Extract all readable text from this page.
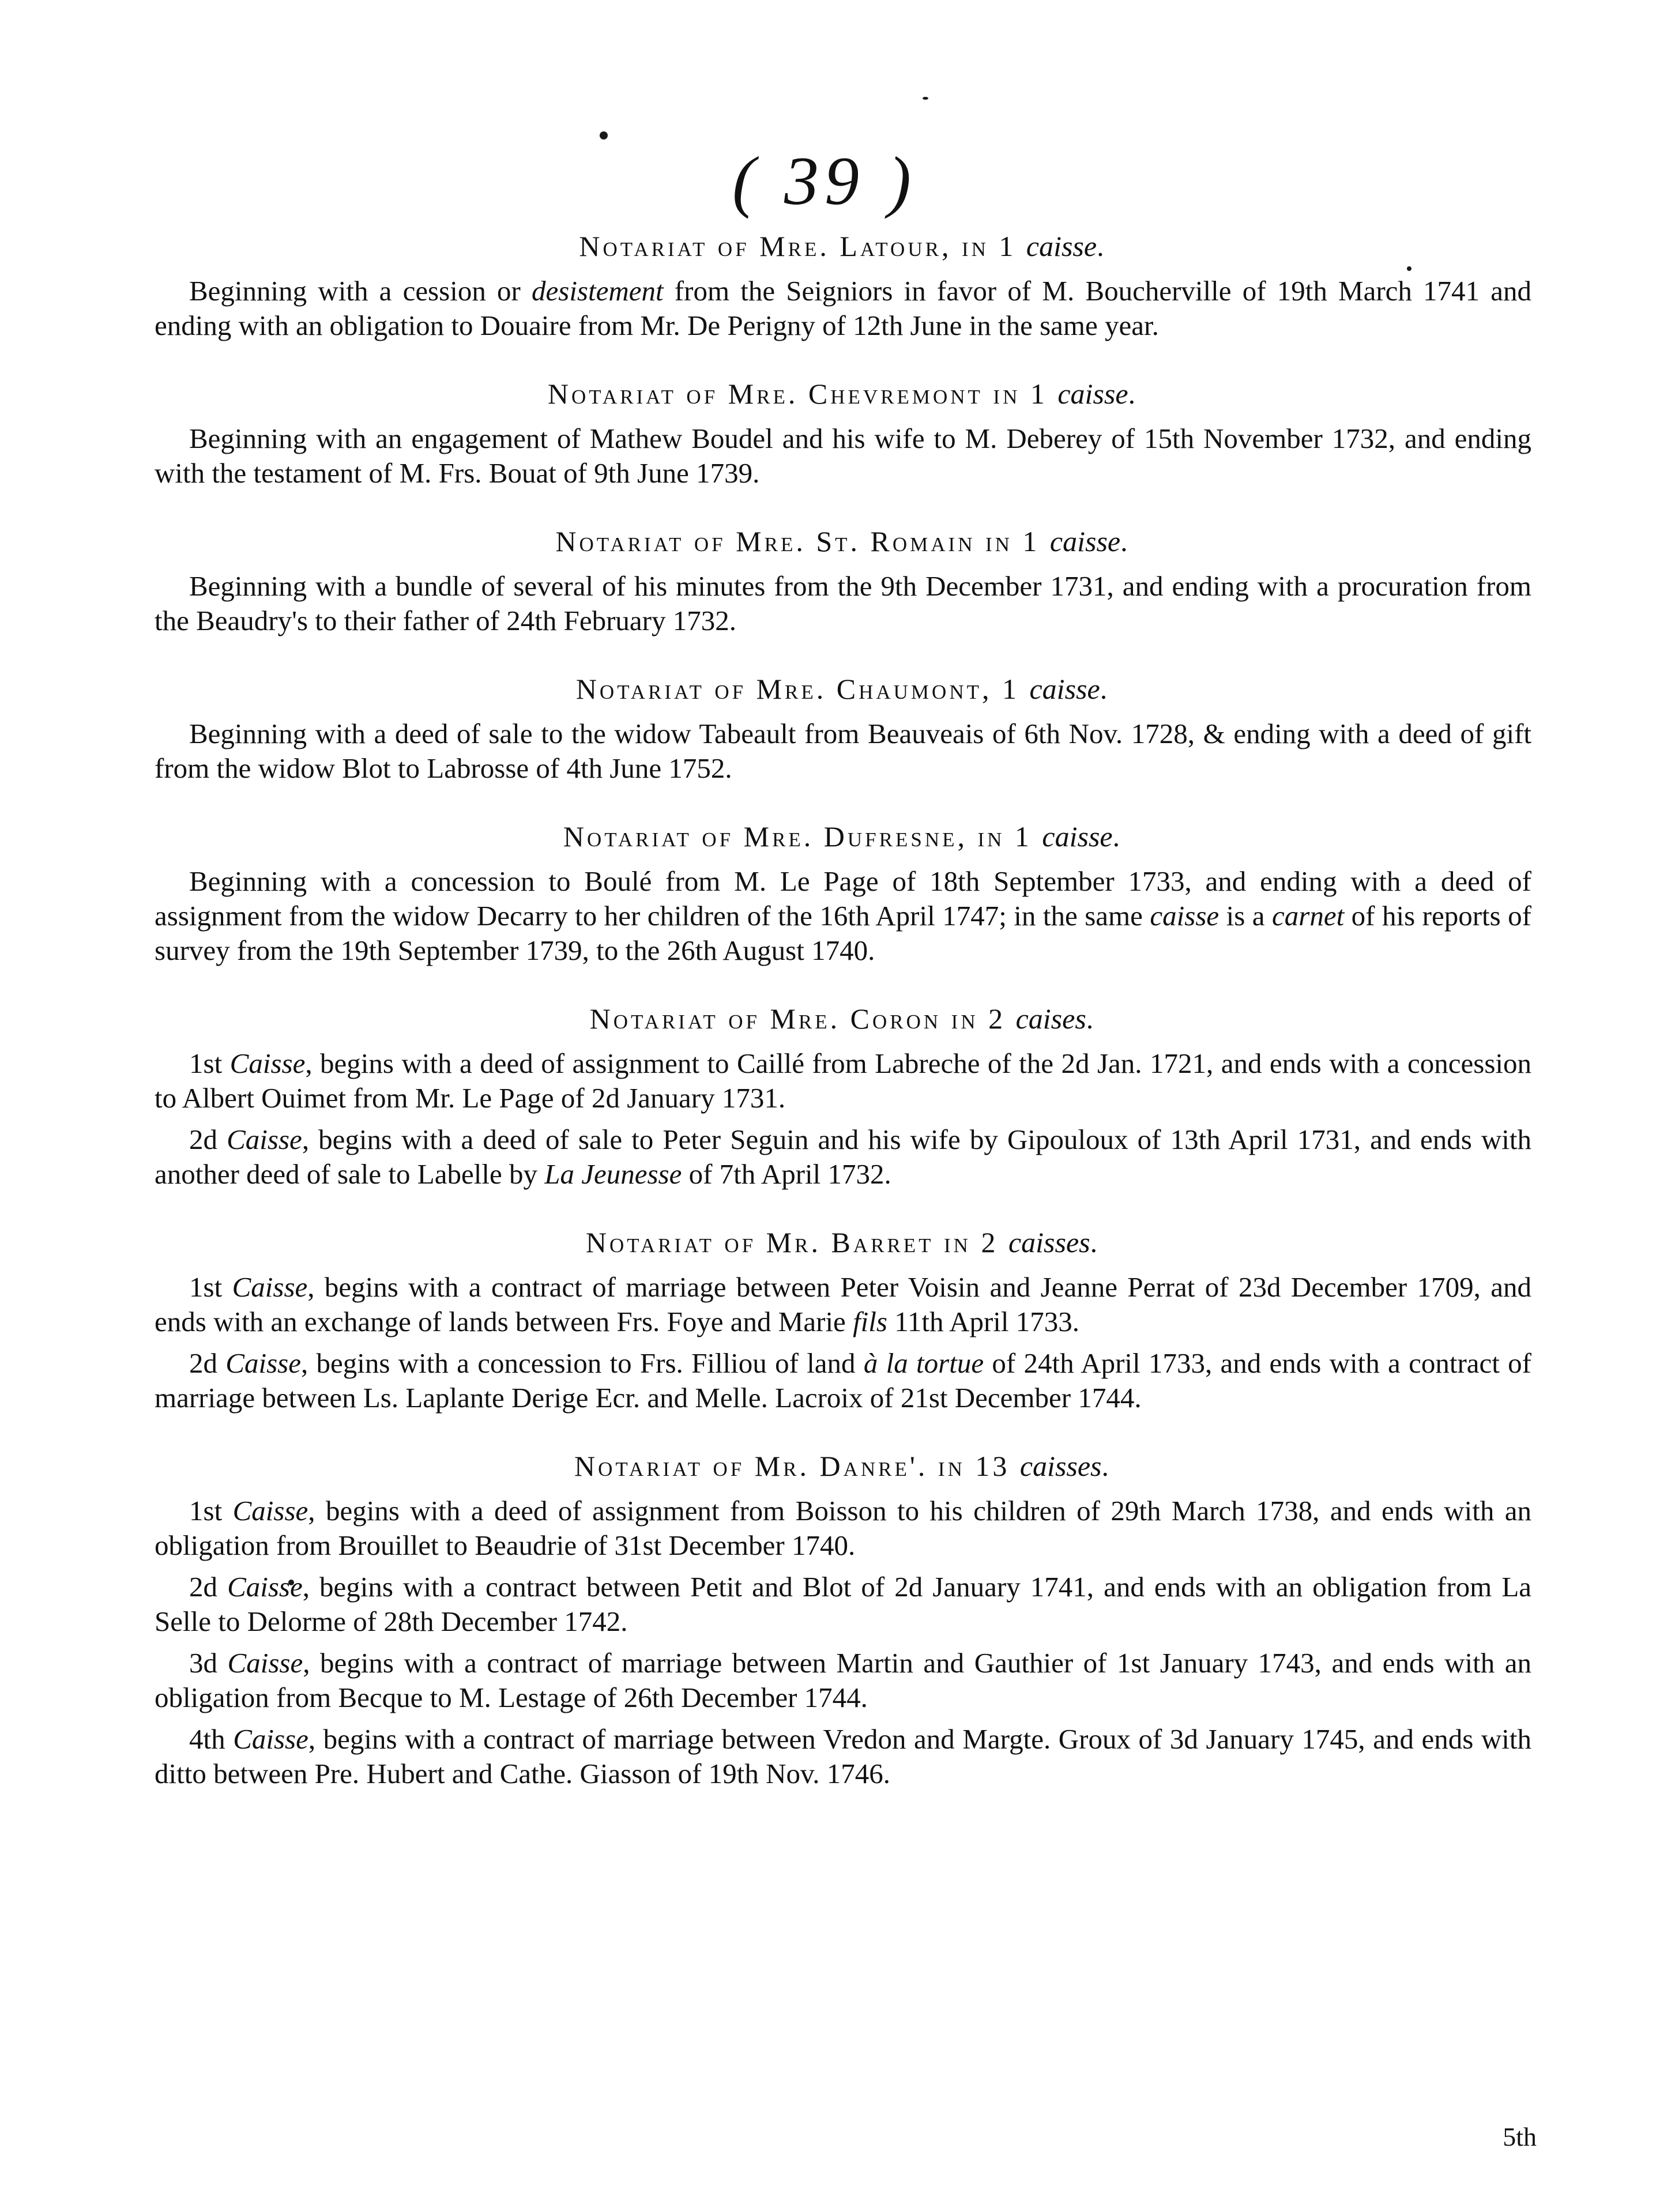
( 39 )
Notariat of Mre. Latour, in 1 caisse.

Beginning with a cession or desistement from the Seigniors in favor of M. Boucherville of 19th March 1741 and ending with an obligation to Douaire from Mr. De Perigny of 12th June in the same year.

Notariat of Mre. Chevremont in 1 caisse.

Beginning with an engagement of Mathew Boudel and his wife to M. Deberey of 15th November 1732, and ending with the testament of M. Frs. Bouat of 9th June 1739.

Notariat of Mre. St. Romain in 1 caisse.

Beginning with a bundle of several of his minutes from the 9th December 1731, and ending with a procuration from the Beaudry's to their father of 24th February 1732.

Notariat of Mre. Chaumont, 1 caisse.

Beginning with a deed of sale to the widow Tabeault from Beauveais of 6th Nov. 1728, & ending with a deed of gift from the widow Blot to Labrosse of 4th June 1752.

Notariat of Mre. Dufresne, in 1 caisse.

Beginning with a concession to Boulé from M. Le Page of 18th September 1733, and ending with a deed of assignment from the widow Decarry to her children of the 16th April 1747; in the same caisse is a carnet of his reports of survey from the 19th September 1739, to the 26th August 1740.

Notariat of Mre. Coron in 2 caises.

1st Caisse, begins with a deed of assignment to Caillé from Labreche of the 2d Jan. 1721, and ends with a concession to Albert Ouimet from Mr. Le Page of 2d January 1731.

2d Caisse, begins with a deed of sale to Peter Seguin and his wife by Gipouloux of 13th April 1731, and ends with another deed of sale to Labelle by La Jeunesse of 7th April 1732.

Notariat of Mr. Barret in 2 caisses.

1st Caisse, begins with a contract of marriage between Peter Voisin and Jeanne Perrat of 23d December 1709, and ends with an exchange of lands between Frs. Foye and Marie fils 11th April 1733.

2d Caisse, begins with a concession to Frs. Filliou of land à la tortue of 24th April 1733, and ends with a contract of marriage between Ls. Laplante Derige Ecr. and Melle. Lacroix of 21st December 1744.

Notariat of Mr. Danre'. in 13 caisses.

1st Caisse, begins with a deed of assignment from Boisson to his children of 29th March 1738, and ends with an obligation from Brouillet to Beaudrie of 31st December 1740.

2d Caisse, begins with a contract between Petit and Blot of 2d January 1741, and ends with an obligation from La Selle to Delorme of 28th December 1742.

3d Caisse, begins with a contract of marriage between Martin and Gauthier of 1st January 1743, and ends with an obligation from Becque to M. Lestage of 26th December 1744.

4th Caisse, begins with a contract of marriage between Vredon and Margte. Groux of 3d January 1745, and ends with ditto between Pre. Hubert and Cathe. Giasson of 19th Nov. 1746.

5th
